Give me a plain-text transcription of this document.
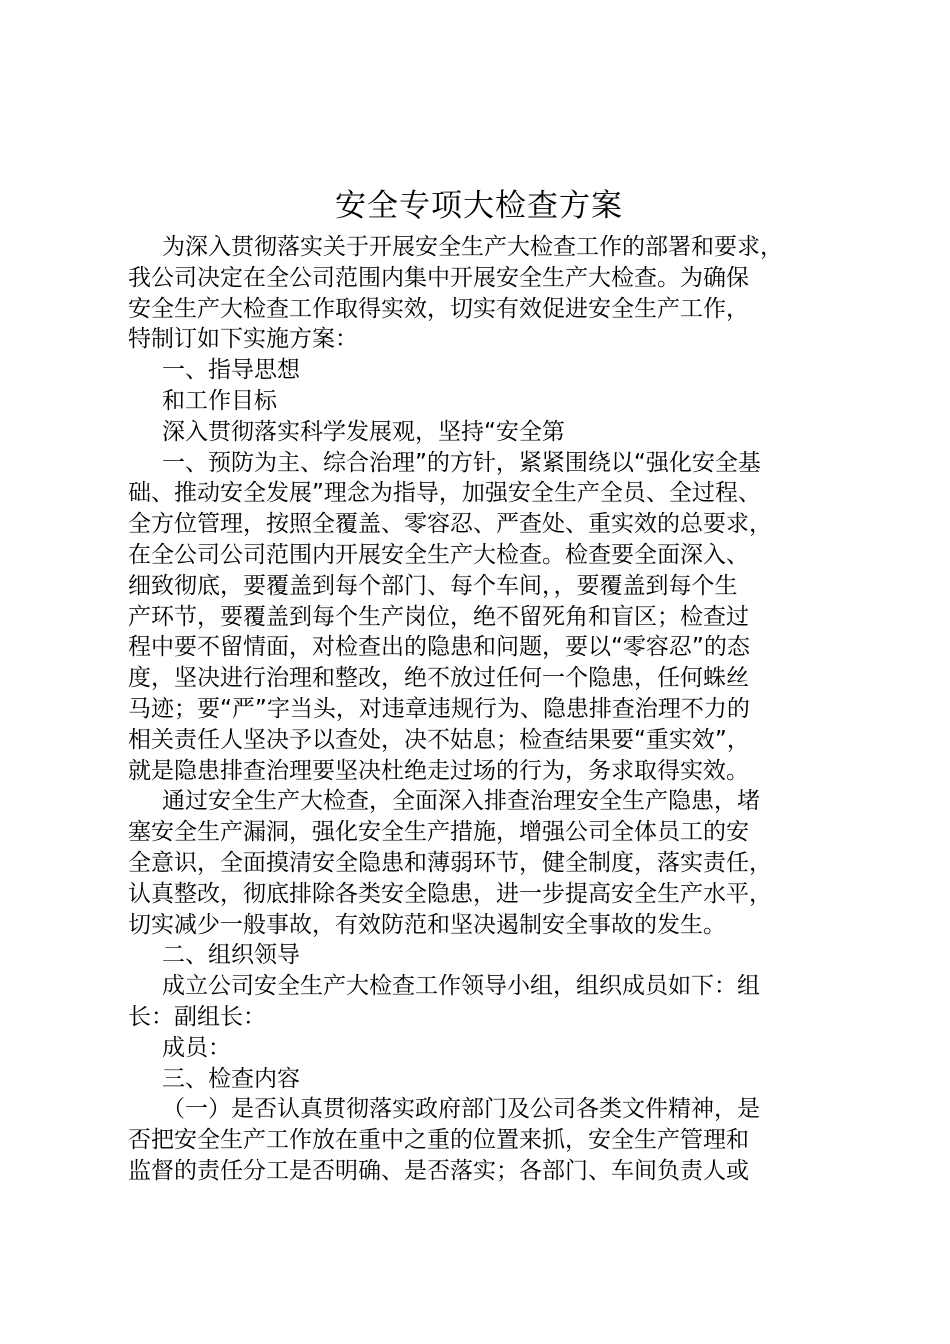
安全专项大检查方案
为深入贯彻落实关于开展安全生产大检查工作的部署和要求，
我公司决定在全公司范围内集中开展安全生产大检查。为确保
安全生产大检查工作取得实效，切实有效促进安全生产工作，
特制订如下实施方案：
一、指导思想
和工作目标
深入贯彻落实科学发展观，坚持“安全第
一、预防为主、综合治理”的方针，紧紧围绕以“强化安全基
础、推动安全发展”理念为指导，加强安全生产全员、全过程、
全方位管理，按照全覆盖、零容忍、严查处、重实效的总要求，
在全公司公司范围内开展安全生产大检查。检查要全面深入、
细致彻底，要覆盖到每个部门、每个车间，，要覆盖到每个生
产环节，要覆盖到每个生产岗位，绝不留死角和盲区；检查过
程中要不留情面，对检查出的隐患和问题，要以“零容忍”的态
度，坚决进行治理和整改，绝不放过任何一个隐患，任何蛛丝
马迹；要“严”字当头，对违章违规行为、隐患排查治理不力的
相关责任人坚决予以查处，决不姑息；检查结果要“重实效”，
就是隐患排查治理要坚决杜绝走过场的行为，务求取得实效。
通过安全生产大检查，全面深入排查治理安全生产隐患，堵
塞安全生产漏洞，强化安全生产措施，增强公司全体员工的安
全意识，全面摸清安全隐患和薄弱环节，健全制度，落实责任，
认真整改，彻底排除各类安全隐患，进一步提高安全生产水平，
切实减少一般事故，有效防范和坚决遏制安全事故的发生。
二、组织领导
成立公司安全生产大检查工作领导小组，组织成员如下：组
长：副组长：
成员：
三、检查内容
（一）是否认真贯彻落实政府部门及公司各类文件精神，是
否把安全生产工作放在重中之重的位置来抓，安全生产管理和
监督的责任分工是否明确、是否落实；各部门、车间负责人或
